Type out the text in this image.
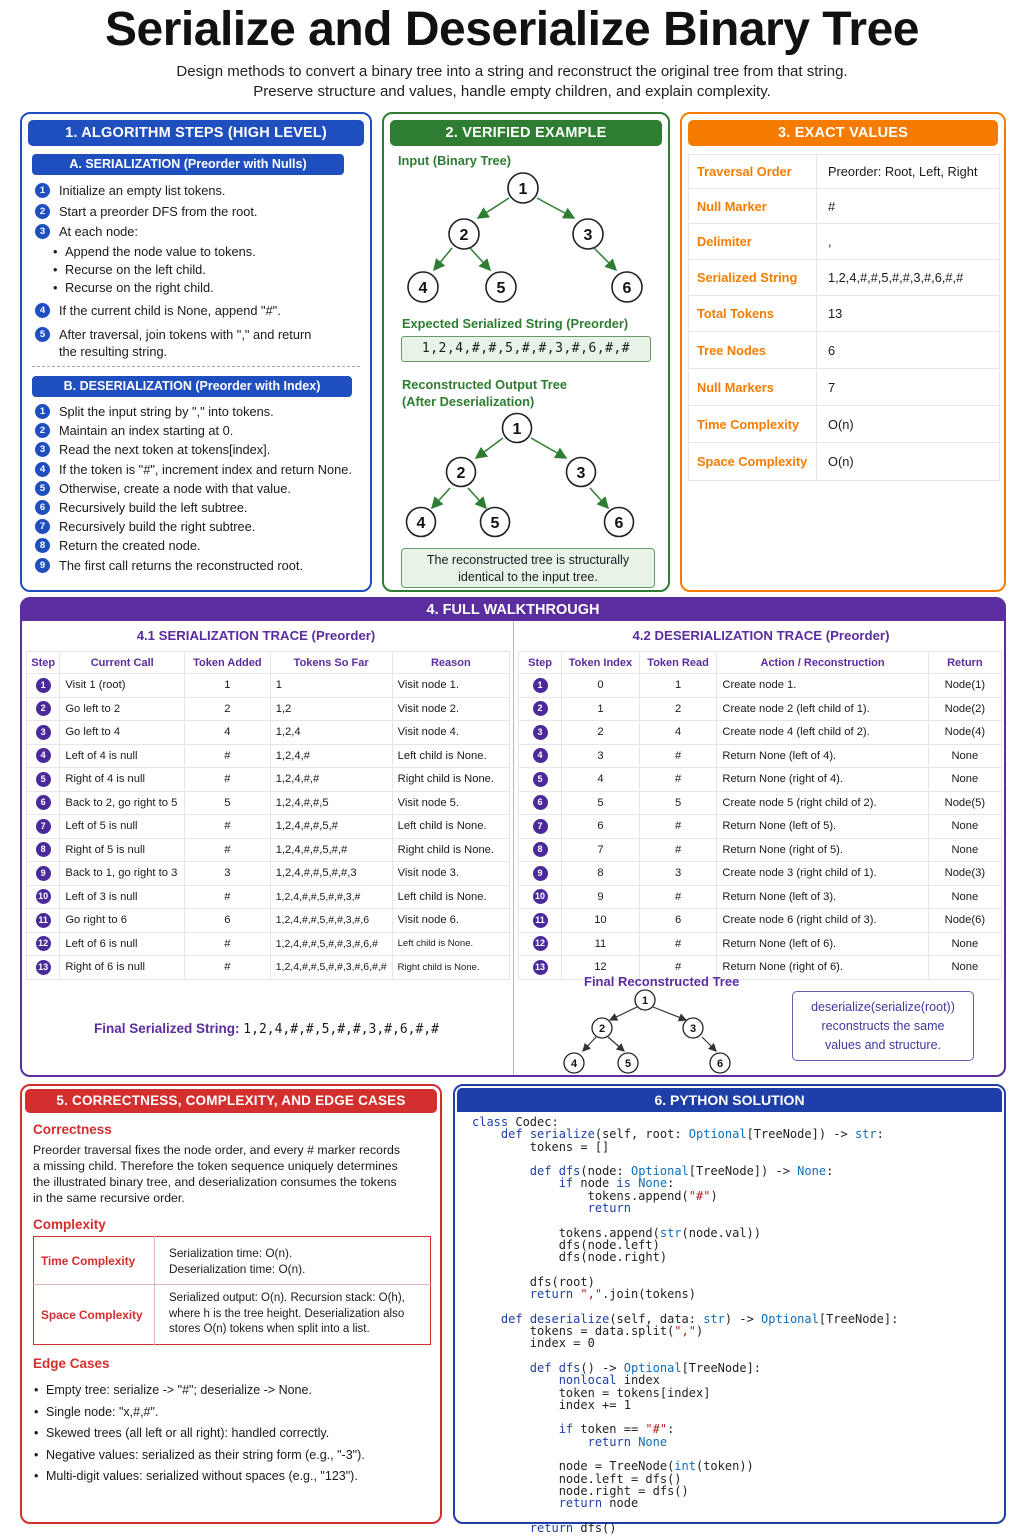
Serialize and Deserialize Binary Tree
Design methods to convert a binary tree into a string and reconstruct the original tree from that string.
Preserve structure and values, handle empty children, and explain complexity.
1. ALGORITHM STEPS (HIGH LEVEL)
A. SERIALIZATION (Preorder with Nulls)
1	Initialize an empty list tokens.
2	Start a preorder DFS from the root.
3	At each node:
• Append the node value to tokens.
• Recurse on the left child.
• Recurse on the right child.
4	If the current child is None, append "#".
5	After traversal, join tokens with "," and return
the resulting string.
B. DESERIALIZATION (Preorder with Index)
1	Split the input string by "," into tokens.
2	Maintain an index starting at 0.
3	Read the next token at tokens[index].
4	If the token is "#", increment index and return None.
5	Otherwise, create a node with that value.
6	Recursively build the left subtree.
7	Recursively build the right subtree.
8	Return the created node.
9	The first call returns the reconstructed root.
2. VERIFIED EXAMPLE
Input (Binary Tree)
1
2	3
4	5	6
Expected Serialized String (Preorder)
1,2,4,#,#,5,#,#,3,#,6,#,#
Reconstructed Output Tree
(After Deserialization)
1
2	3
4	5	6
The reconstructed tree is structurally
identical to the input tree.
3. EXACT VALUES
Traversal Order	Preorder: Root, Left, Right
Null Marker	#
Delimiter	,
Serialized String	1,2,4,#,#,5,#,#,3,#,6,#,#
Total Tokens	13
Tree Nodes	6
Null Markers	7
Time Complexity	O(n)
Space Complexity	O(n)
4. FULL WALKTHROUGH
4.1 SERIALIZATION TRACE (Preorder)
Step	Current Call	Token Added	Tokens So Far	Reason
1	Visit 1 (root)	1	1	Visit node 1.
2	Go left to 2	2	1,2	Visit node 2.
3	Go left to 4	4	1,2,4	Visit node 4.
4	Left of 4 is null	#	1,2,4,#	Left child is None.
5	Right of 4 is null	#	1,2,4,#,#	Right child is None.
6	Back to 2, go right to 5	5	1,2,4,#,#,5	Visit node 5.
7	Left of 5 is null	#	1,2,4,#,#,5,#	Left child is None.
8	Right of 5 is null	#	1,2,4,#,#,5,#,#	Right child is None.
9	Back to 1, go right to 3	3	1,2,4,#,#,5,#,#,3	Visit node 3.
10	Left of 3 is null	#	1,2,4,#,#,5,#,#,3,#	Left child is None.
11	Go right to 6	6	1,2,4,#,#,5,#,#,3,#,6	Visit node 6.
12	Left of 6 is null	#	1,2,4,#,#,5,#,#,3,#,6,#	Left child is None.
13	Right of 6 is null	#	1,2,4,#,#,5,#,#,3,#,6,#,#	Right child is None.
Final Serialized String: 1,2,4,#,#,5,#,#,3,#,6,#,#
4.2 DESERIALIZATION TRACE (Preorder)
Step	Token Index	Token Read	Action / Reconstruction	Return
1	0	1	Create node 1.	Node(1)
2	1	2	Create node 2 (left child of 1).	Node(2)
3	2	4	Create node 4 (left child of 2).	Node(4)
4	3	#	Return None (left of 4).	None
5	4	#	Return None (right of 4).	None
6	5	5	Create node 5 (right child of 2).	Node(5)
7	6	#	Return None (left of 5).	None
8	7	#	Return None (right of 5).	None
9	8	3	Create node 3 (right child of 1).	Node(3)
10	9	#	Return None (left of 3).	None
11	10	6	Create node 6 (right child of 3).	Node(6)
12	11	#	Return None (left of 6).	None
13	12	#	Return None (right of 6).	None
Final Reconstructed Tree
1
2	3
4	5	6
deserialize(serialize(root))
reconstructs the same
values and structure.
5. CORRECTNESS, COMPLEXITY, AND EDGE CASES
Correctness
Preorder traversal fixes the node order, and every # marker records
a missing child. Therefore the token sequence uniquely determines
the illustrated binary tree, and deserialization consumes the tokens
in the same recursive order.
Complexity
Time Complexity	Serialization time: O(n).
Deserialization time: O(n).

Space Complexity	Serialized output: O(n). Recursion stack: O(h),
where h is the tree height. Deserialization also
stores O(n) tokens when split into a list.
Edge Cases
• Empty tree: serialize -> "#"; deserialize -> None.
• Single node: "x,#,#".
• Skewed trees (all left or all right): handled correctly.
• Negative values: serialized as their string form (e.g., "-3").
• Multi-digit values: serialized without spaces (e.g., "123").
6. PYTHON SOLUTION
class Codec:
def serialize(self, root: Optional[TreeNode]) -> str:
tokens = []

def dfs(node: Optional[TreeNode]) -> None:
if node is None:
tokens.append("#")
return

tokens.append(str(node.val))
dfs(node.left)
dfs(node.right)

dfs(root)
return ",".join(tokens)

def deserialize(self, data: str) -> Optional[TreeNode]:
tokens = data.split(",")
index = 0

def dfs() -> Optional[TreeNode]:
nonlocal index
token = tokens[index]
index += 1

if token == "#":
return None

node = TreeNode(int(token))
node.left = dfs()
node.right = dfs()
return node

return dfs()
